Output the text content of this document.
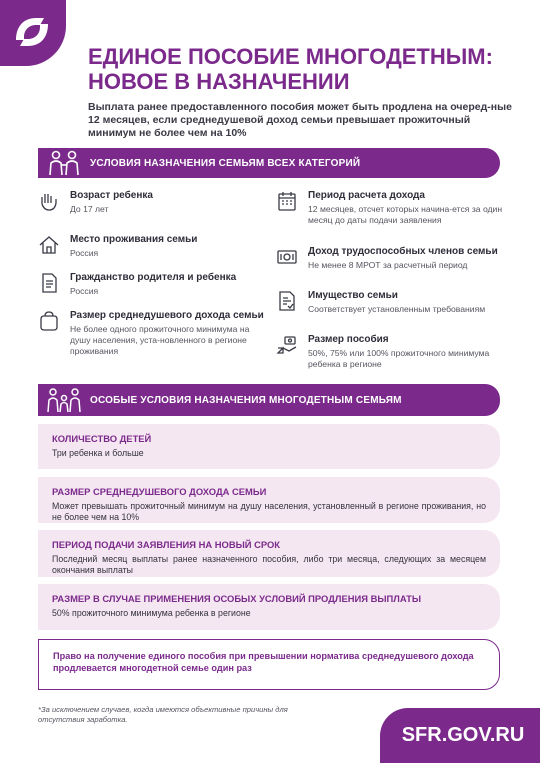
ЕДИНОЕ ПОСОБИЕ МНОГОДЕТНЫМ: НОВОЕ В НАЗНАЧЕНИИ

Выплата ранее предоставленного пособия может быть продлена на очеред-ные 12 месяцев, если среднедушевой доход семьи превышает прожиточный минимум не более чем на 10%

УСЛОВИЯ НАЗНАЧЕНИЯ СЕМЬЯМ ВСЕХ КАТЕГОРИЙ
Возраст ребенка
До 17 лет
Место проживания семьи
Россия
Гражданство родителя и ребенка
Россия
Размер среднедушевого дохода семьи
Не более одного прожиточного минимума на душу населения, уста-новленного в регионе проживания
Период расчета дохода
12 месяцев, отсчет которых начина-ется за один месяц до даты подачи заявления
Доход трудоспособных членов семьи
Не менее 8 МРОТ за расчетный период
Имущество семьи
Соответствует установленным требованиям
Размер пособия
50%, 75% или 100% прожиточного минимума ребенка в регионе
ОСОБЫЕ УСЛОВИЯ НАЗНАЧЕНИЯ МНОГОДЕТНЫМ СЕМЬЯМ
КОЛИЧЕСТВО ДЕТЕЙ
Три ребенка и больше
РАЗМЕР СРЕДНЕДУШЕВОГО ДОХОДА СЕМЬИ
Может превышать прожиточный минимум на душу населения, установленный в регионе проживания, но не более чем на 10%
ПЕРИОД ПОДАЧИ ЗАЯВЛЕНИЯ НА НОВЫЙ СРОК
Последний месяц выплаты ранее назначенного пособия, либо три месяца, следующих за месяцем окончания выплаты
РАЗМЕР В СЛУЧАЕ ПРИМЕНЕНИЯ ОСОБЫХ УСЛОВИЙ ПРОДЛЕНИЯ ВЫПЛАТЫ
50% прожиточного минимума ребенка в регионе
Право на получение единого пособия при превышении норматива среднедушевого дохода продлевается многодетной семье один раз
*За исключением случаев, когда имеются объективные причины для отсутствия заработка.
SFR.GOV.RU
